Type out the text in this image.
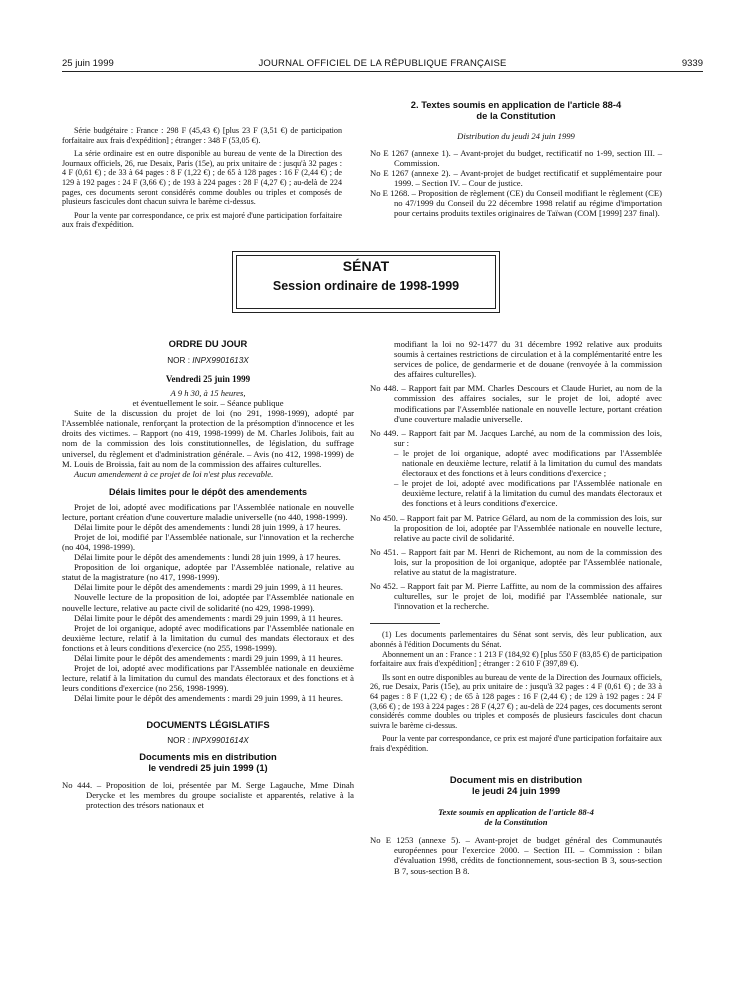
25 juin 1999	JOURNAL OFFICIEL DE LA RÉPUBLIQUE FRANÇAISE	9339

Série budgétaire : France : 298 F (45,43 €) [plus 23 F (3,51 €) de participation forfaitaire aux frais d'expédition] ; étranger : 348 F (53,05 €).

La série ordinaire est en outre disponible au bureau de vente de la Direction des Journaux officiels, 26, rue Desaix, Paris (15e), au prix unitaire de : jusqu'à 32 pages : 4 F (0,61 €) ; de 33 à 64 pages : 8 F (1,22 €) ; de 65 à 128 pages : 16 F (2,44 €) ; de 129 à 192 pages : 24 F (3,66 €) ; de 193 à 224 pages : 28 F (4,27 €) ; au-delà de 224 pages, ces documents seront considérés comme doubles ou triples et composés de plusieurs fascicules dont chacun suivra le barème ci-dessus.

Pour la vente par correspondance, ce prix est majoré d'une participation forfaitaire aux frais d'expédition.

2. Textes soumis en application de l'article 88-4
de la Constitution

Distribution du jeudi 24 juin 1999

No E 1267 (annexe 1). – Avant-projet du budget, rectificatif no 1-99, section III. – Commission.

No E 1267 (annexe 2). – Avant-projet de budget rectificatif et supplémentaire pour 1999. – Section IV. – Cour de justice.

No E 1268. – Proposition de règlement (CE) du Conseil modifiant le règlement (CE) no 47/1999 du Conseil du 22 décembre 1998 relatif au régime d'importation pour certains produits textiles originaires de Taïwan (COM [1999] 237 final).

SÉNAT
Session ordinaire de 1998-1999
ORDRE DU JOUR
NOR : INPX9901613X

Vendredi 25 juin 1999

A 9 h 30, à 15 heures,

et éventuellement le soir. – Séance publique

Suite de la discussion du projet de loi (no 291, 1998-1999), adopté par l'Assemblée nationale, renforçant la protection de la présomption d'innocence et les droits des victimes. – Rapport (no 419, 1998-1999) de M. Charles Jolibois, fait au nom de la commission des lois constitutionnelles, de législation, du suffrage universel, du règlement et d'administration générale. – Avis (no 412, 1998-1999) de M. Louis de Broissia, fait au nom de la commission des affaires culturelles.

Aucun amendement à ce projet de loi n'est plus recevable.

Délais limites pour le dépôt des amendements

Projet de loi, adopté avec modifications par l'Assemblée nationale en nouvelle lecture, portant création d'une couverture maladie universelle (no 440, 1998-1999).

Délai limite pour le dépôt des amendements : lundi 28 juin 1999, à 17 heures.

Projet de loi, modifié par l'Assemblée nationale, sur l'innovation et la recherche (no 404, 1998-1999).

Délai limite pour le dépôt des amendements : lundi 28 juin 1999, à 17 heures.

Proposition de loi organique, adoptée par l'Assemblée nationale, relative au statut de la magistrature (no 417, 1998-1999).

Délai limite pour le dépôt des amendements : mardi 29 juin 1999, à 11 heures.

Nouvelle lecture de la proposition de loi, adoptée par l'Assemblée nationale en nouvelle lecture, relative au pacte civil de solidarité (no 429, 1998-1999).

Délai limite pour le dépôt des amendements : mardi 29 juin 1999, à 11 heures.

Projet de loi organique, adopté avec modifications par l'Assemblée nationale en deuxième lecture, relatif à la limitation du cumul des mandats électoraux et des fonctions et à leurs conditions d'exercice (no 255, 1998-1999).

Délai limite pour le dépôt des amendements : mardi 29 juin 1999, à 11 heures.

Projet de loi, adopté avec modifications par l'Assemblée nationale en deuxième lecture, relatif à la limitation du cumul des mandats électoraux et des fonctions et à leurs conditions d'exercice (no 256, 1998-1999).

Délai limite pour le dépôt des amendements : mardi 29 juin 1999, à 11 heures.

DOCUMENTS LÉGISLATIFS
NOR : INPX9901614X
Documents mis en distribution
le vendredi 25 juin 1999 (1)

No 444. – Proposition de loi, présentée par M. Serge Lagauche, Mme Dinah Derycke et les membres du groupe socialiste et apparentés, relative à la protection des trésors nationaux et

modifiant la loi no 92-1477 du 31 décembre 1992 relative aux produits soumis à certaines restrictions de circulation et à la complémentarité entre les services de police, de gendarmerie et de douane (renvoyée à la commission des affaires culturelles).

No 448. – Rapport fait par MM. Charles Descours et Claude Huriet, au nom de la commission des affaires sociales, sur le projet de loi, adopté avec modifications par l'Assemblée nationale en nouvelle lecture, portant création d'une couverture maladie universelle.

No 449. – Rapport fait par M. Jacques Larché, au nom de la commission des lois, sur :

– le projet de loi organique, adopté avec modifications par l'Assemblée nationale en deuxième lecture, relatif à la limitation du cumul des mandats électoraux et des fonctions et à leurs conditions d'exercice ;

– le projet de loi, adopté avec modifications par l'Assemblée nationale en deuxième lecture, relatif à la limitation du cumul des mandats électoraux et des fonctions et à leurs conditions d'exercice.

No 450. – Rapport fait par M. Patrice Gélard, au nom de la commission des lois, sur la proposition de loi, adoptée par l'Assemblée nationale en nouvelle lecture, relative au pacte civil de solidarité.

No 451. – Rapport fait par M. Henri de Richemont, au nom de la commission des lois, sur la proposition de loi organique, adoptée par l'Assemblée nationale, relative au statut de la magistrature.

No 452. – Rapport fait par M. Pierre Laffitte, au nom de la commission des affaires culturelles, sur le projet de loi, modifié par l'Assemblée nationale, sur l'innovation et la recherche.

(1) Les documents parlementaires du Sénat sont servis, dès leur publication, aux abonnés à l'édition Documents du Sénat.

Abonnement un an : France : 1 213 F (184,92 €) [plus 550 F (83,85 €) de participation forfaitaire aux frais d'expédition] ; étranger : 2 610 F (397,89 €).

Ils sont en outre disponibles au bureau de vente de la Direction des Journaux officiels, 26, rue Desaix, Paris (15e), au prix unitaire de : jusqu'à 32 pages : 4 F (0,61 €) ; de 33 à 64 pages : 8 F (1,22 €) ; de 65 à 128 pages : 16 F (2,44 €) ; de 129 à 192 pages : 24 F (3,66 €) ; de 193 à 224 pages : 28 F (4,27 €) ; au-delà de 224 pages, ces documents seront considérés comme doubles ou triples et composés de plusieurs fascicules dont chacun suivra le barème ci-dessus.

Pour la vente par correspondance, ce prix est majoré d'une participation forfaitaire aux frais d'expédition.

Document mis en distribution
le jeudi 24 juin 1999
Texte soumis en application de l'article 88-4
de la Constitution

No E 1253 (annexe 5). – Avant-projet de budget général des Communautés européennes pour l'exercice 2000. – Section III. – Commission : bilan d'évaluation 1998, crédits de fonctionnement, sous-section B 3, sous-section B 7, sous-section B 8.
